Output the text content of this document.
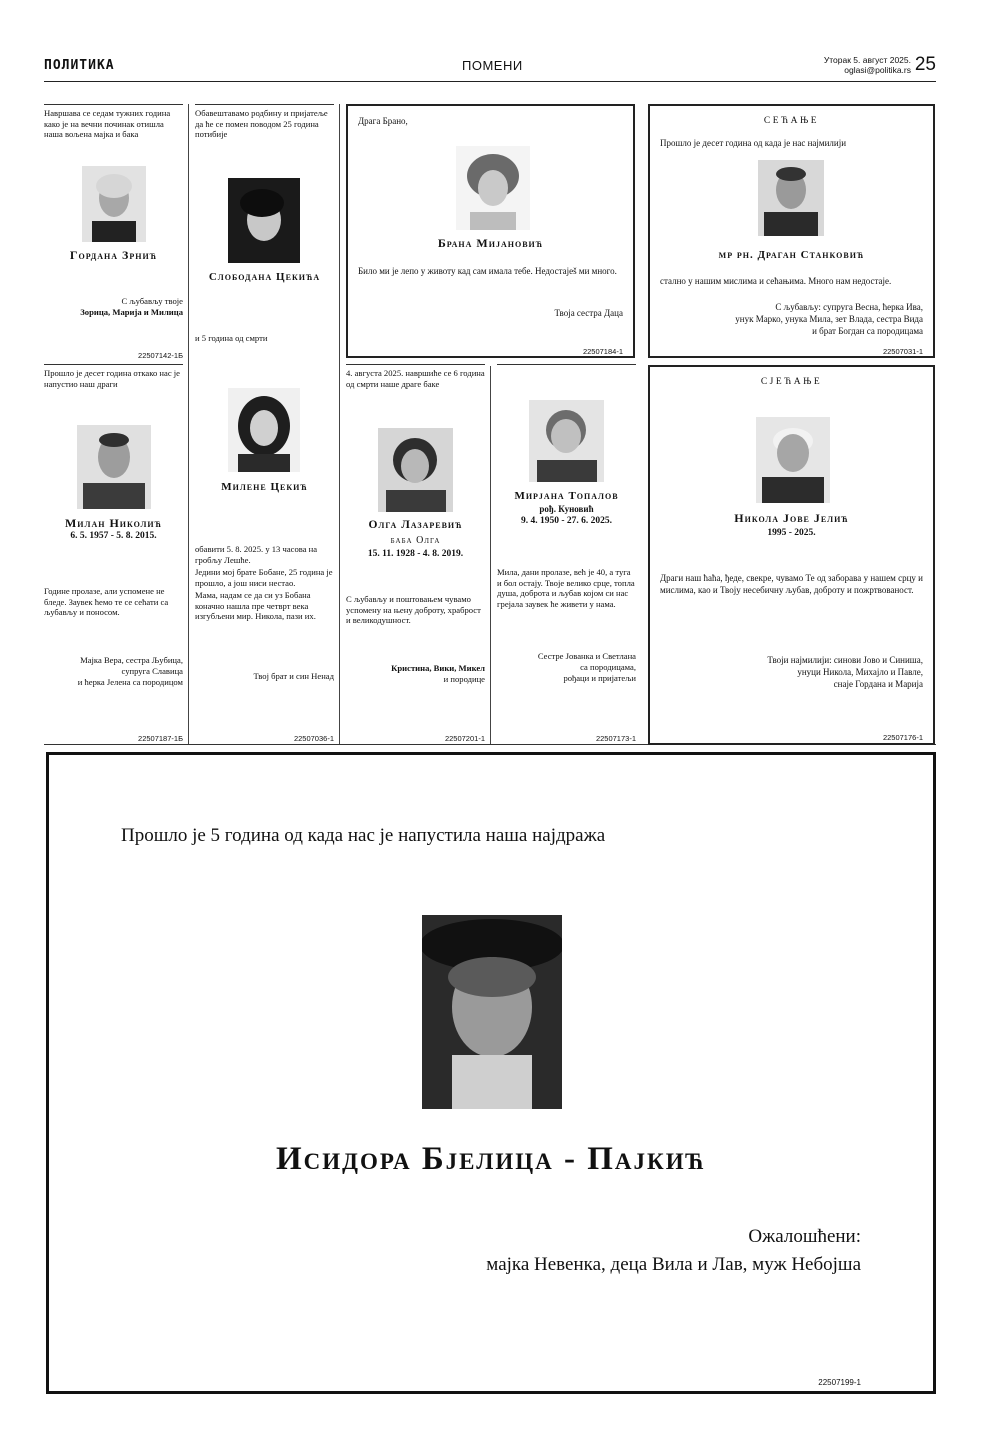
ПОЛИТИКА	ПОМЕНИ	Уторак 5. август 2025.
oglasi@politika.rs 25
Навршава се седам тужних година како је на вечни починак отишла наша вољена мајка и бака
Гордана Зрнић
С љубављу твоје
Зорица, Марија и Милица
22507142-1Б
Обавештавамо родбину и пријатеље да ће се помен поводом 25 година потибије
Слободана Цекића
и 5 година од смрти
Драга Брано,
Брана Мијановић
Било ми је лепо у животу кад сам имала тебе. Недостаješ ми много.
Твоја сестра Даца
22507184-1
СЕЋАЊЕ
Прошло је десет година од када је нас најмилији
мр рн. Драган Станковић
стално у нашим мислима и сећањима. Много нам недостаје.
С љубављу: супруга Весна, ћерка Ива,
унук Марко, унука Мила, зет Влада, сестра Вида
и брат Богдан са породицама
22507031-1
Прошло је десет година откако нас је напустио наш драги
Милан Николић
6. 5. 1957 - 5. 8. 2015.
Године пролазе, али успомене не бледе. Заувек ћемо те се сећати са љубављу и поносом.
Мајка Вера, сестра Љубица,
супруга Славица
и ћерка Јелена са породицом
22507187-1Б
Милене Цекић
обавити 5. 8. 2025. у 13 часова на гробљу Лешће.
Једини мој брате Бобане, 25 година је прошло, а још ниси нестао.
Мама, надам се да си уз Бобана коначно нашла пре четврт века изгубљени мир. Никола, пази их.
Твој брат и син Ненад
22507036-1
4. августа 2025. навршиће се 6 година од смрти наше драге баке
Олга Лазаревић
баба Олга
15. 11. 1928 - 4. 8. 2019.
С љубављу и поштовањем чувамо успомену на њену доброту, храброст и великодушност.
Кристина, Вики, Микел
и породице
22507201-1
Мирјана Топалов
рођ. Куновић
9. 4. 1950 - 27. 6. 2025.
Мила, дани пролазе, већ је 40, а туга и бол остају. Твоје велико срце, топла душа, доброта и љубав којом си нас грејала заувек ће живети у нама.
Сестре Јованка и Светлана
са породицама,
рођаци и пријатељи
22507173-1
СЈЕЋАЊЕ
Никола Јове Јелић
1995 - 2025.
Драги наш ћаћа, ђеде, свекре, чувамо Те од заборава у нашем срцу и мислима, као и Твоју несебичну љубав, доброту и пожртвованост.
Твоји најмилији: синови Јово и Синиша,
унуци Никола, Михајло и Павле,
снаје Гордана и Марија
22507176-1
Прошло је 5 година од када нас је напустила наша најдража
Исидора Бјелица - Пајкић
Ожалошћени:
мајка Невенка, деца Вила и Лав, муж Небојша
22507199-1
